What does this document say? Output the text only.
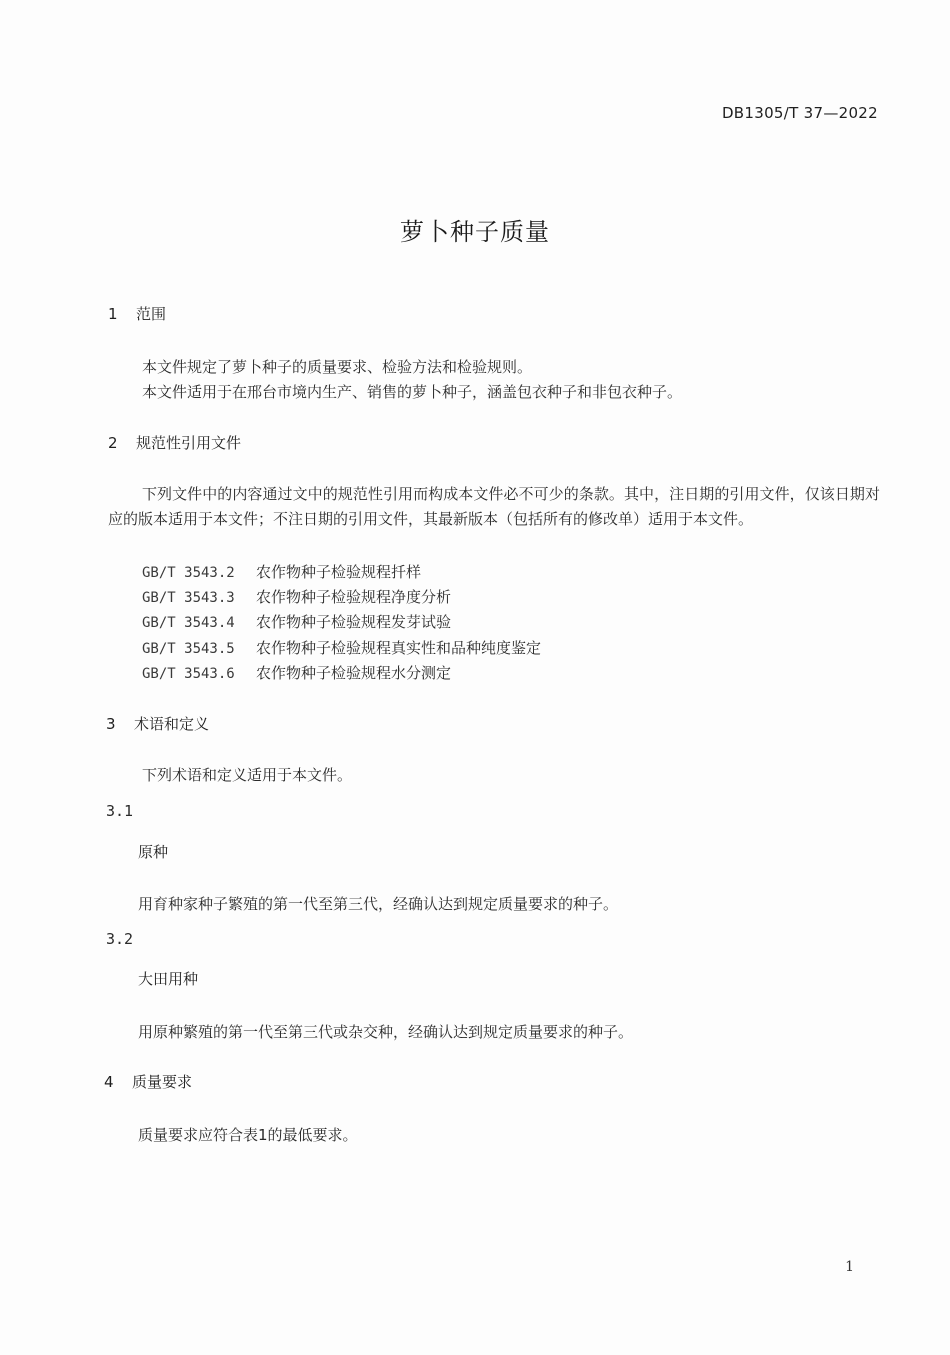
DB1305/T 37—2022
萝卜种子质量
1 范围
本文件规定了萝卜种子的质量要求、检验方法和检验规则。
本文件适用于在邢台市境内生产、销售的萝卜种子，涵盖包衣种子和非包衣种子。
2 规范性引用文件
下列文件中的内容通过文中的规范性引用而构成本文件必不可少的条款。其中，注日期的引用文件，仅该日期对应的版本适用于本文件；不注日期的引用文件，其最新版本（包括所有的修改单）适用于本文件。
GB/T 3543.2 农作物种子检验规程扦样
GB/T 3543.3 农作物种子检验规程净度分析
GB/T 3543.4 农作物种子检验规程发芽试验
GB/T 3543.5 农作物种子检验规程真实性和品种纯度鉴定
GB/T 3543.6 农作物种子检验规程水分测定
3 术语和定义
下列术语和定义适用于本文件。
3.1
原种
用育种家种子繁殖的第一代至第三代，经确认达到规定质量要求的种子。
3.2
大田用种
用原种繁殖的第一代至第三代或杂交种，经确认达到规定质量要求的种子。
4 质量要求
质量要求应符合表1的最低要求。
1
